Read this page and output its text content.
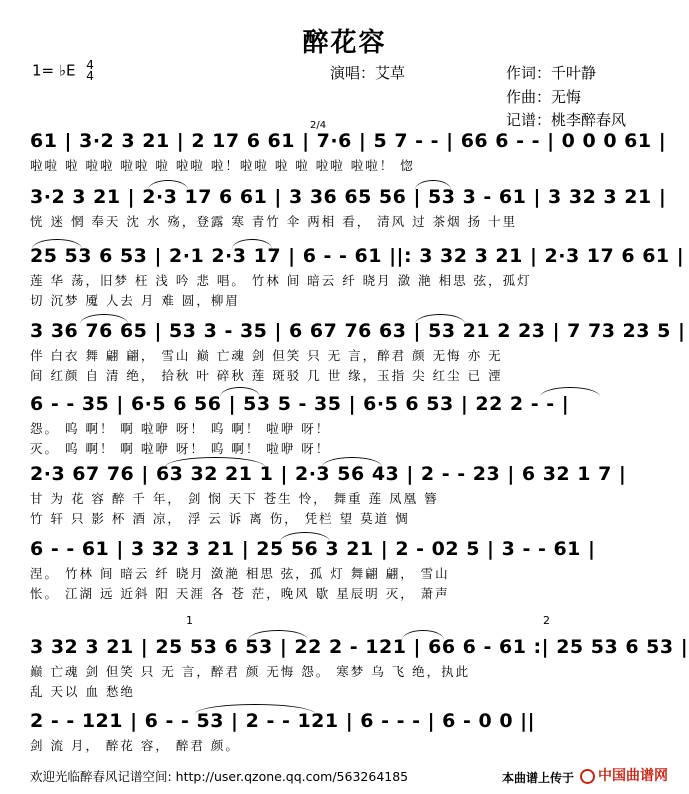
醉花容
1= ♭E 4
4	演唱：艾草	作词：千叶静
作曲：无悔
记谱：桃李醉春风
2/4
61 | 3·2 3 21 | 2 17 6 61 | 7·6 | 5 7 - - | 66 6 - - | 0 0 0 61 |
啦啦 啦 啦啦 啦啦 啦 啦啦 啦！啦啦 啦 啦 啦啦 啦啦！ 惚
3·2 3 21 | 2·3 17 6 61 | 3 36 65 56 | 53 3 - 61 | 3 32 3 21 |
恍 迷 惘 奉天 沈 水 殇，登露 寒 青竹 伞 两相 看， 清风 过 茶烟 扬 十里
25 53 6 53 | 2·1 2·3 17 | 6 - - 61 ||: 3 32 3 21 | 2·3 17 6 61 |
莲 华 荡，旧梦 枉 浅 吟 悲 唱。 竹林 间 暗云 纤 晓月 潋 滟 相思 弦，孤灯
切 沉梦 魇 人去 月 难 圆，柳眉
3 36 76 65 | 53 3 - 35 | 6 67 76 63 | 53 21 2 23 | 7 73 23 5 |
伴 白衣 舞 翩 翩， 雪山 巅 亡魂 剑 但笑 只 无 言，醉君 颜 无悔 亦 无
间 红颜 自 清 绝， 拾秋 叶 碎秋 莲 斑驳 几 世 缘，玉指 尖 红尘 已 湮
6 - - 35 | 6·5 6 56 | 53 5 - 35 | 6·5 6 53 | 22 2 - - |
怨。 呜 啊！ 啊 啦咿 呀！ 呜 啊！ 啦咿 呀！
灭。 呜 啊！ 啊 啦咿 呀！ 呜 啊！ 啦咿 呀！
2·3 67 76 | 63 32 21 1 | 2·3 56 43 | 2 - - 23 | 6 32 1 7 |
甘 为 花 容 醉 千 年， 剑 悯 天下 苍生 怜， 舞重 莲 凤凰 簪
竹 轩 只 影 杯 酒 凉， 浮 云 诉 离 伤， 凭栏 望 莫道 惆
6 - - 61 | 3 32 3 21 | 25 56 3 21 | 2 - 02 5 | 3 - - 61 |
涅。 竹林 间 暗云 纤 晓月 潋滟 相思 弦，孤 灯 舞翩 翩， 雪山
怅。 江湖 远 近斜 阳 天涯 各 苍 茫，晚风 歇 星辰明 灭， 萧声
1	2
3 32 3 21 | 25 53 6 53 | 22 2 - 121 | 66 6 - 61 :| 25 53 6 53 |
巅 亡魂 剑 但笑 只 无 言，醉君 颜 无悔 怨。 寒梦 乌 飞 绝，执此
乱 天以 血 愁绝
2 - - 121 | 6 - - 53 | 2 - - 121 | 6 - - - | 6 - 0 0 ||
剑 流 月， 醉花 容， 醉君 颜。
欢迎光临醉春风记谱空间: http://user.qzone.qq.com/563264185	本曲谱上传于	中国曲谱网
